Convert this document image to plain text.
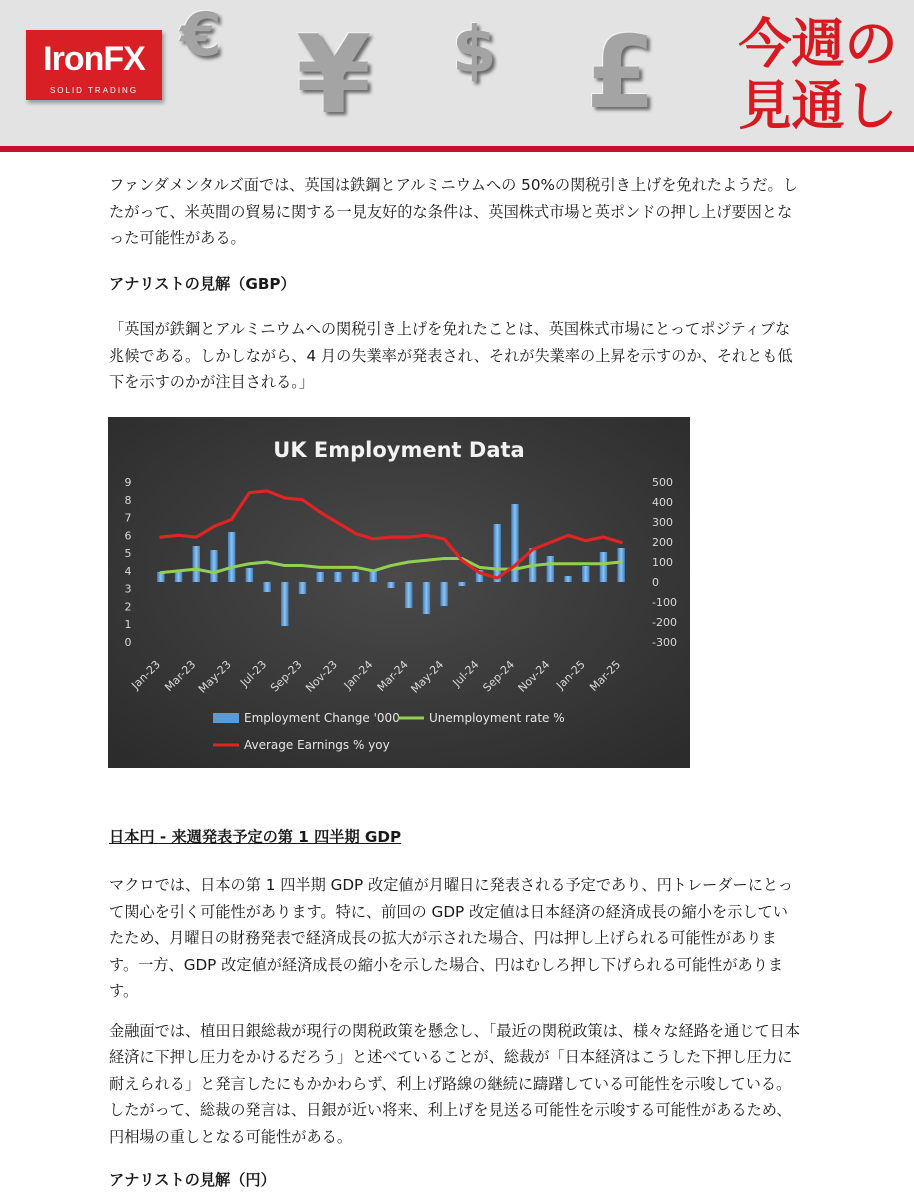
IronFX
SOLID TRADING
€ ¥ $ £ 今週の
見通し

ファンダメンタルズ面では、英国は鉄鋼とアルミニウムへの 50%の関税引き上げを免れたようだ。したがって、米英間の貿易に関する一見友好的な条件は、英国株式市場と英ポンドの押し上げ要因となった可能性がある。

アナリストの見解（GBP）

「英国が鉄鋼とアルミニウムへの関税引き上げを免れたことは、英国株式市場にとってポジティブな兆候である。しかしながら、4 月の失業率が発表され、それが失業率の上昇を示すのか、それとも低下を示すのかが注目される。」

UK Employment Data
0
1
2
3
4
5
6
7
8
9	500
400
300
200
100
0
-100
-200
-300
Jan-23 Mar-23
May-23 Jul-23
Sep-23
Nov-23 Jan-24 Mar-24
May-24 Jul-24
Sep-24
Nov-24 Jan-25 Mar-25
Employment Change '000 Unemployment rate %
Average Earnings % yoy
日本円 - 来週発表予定の第 1 四半期 GDP

マクロでは、日本の第 1 四半期 GDP 改定値が月曜日に発表される予定であり、円トレーダーにとって関心を引く可能性があります。特に、前回の GDP 改定値は日本経済の経済成長の縮小を示していたため、月曜日の財務発表で経済成長の拡大が示された場合、円は押し上げられる可能性があります。一方、GDP 改定値が経済成長の縮小を示した場合、円はむしろ押し下げられる可能性があります。

金融面では、植田日銀総裁が現行の関税政策を懸念し、「最近の関税政策は、様々な経路を通じて日本経済に下押し圧力をかけるだろう」と述べていることが、総裁が「日本経済はこうした下押し圧力に耐えられる」と発言したにもかかわらず、利上げ路線の継続に躊躇している可能性を示唆している。したがって、総裁の発言は、日銀が近い将来、利上げを見送る可能性を示唆する可能性があるため、円相場の重しとなる可能性がある。

アナリストの見解（円）
